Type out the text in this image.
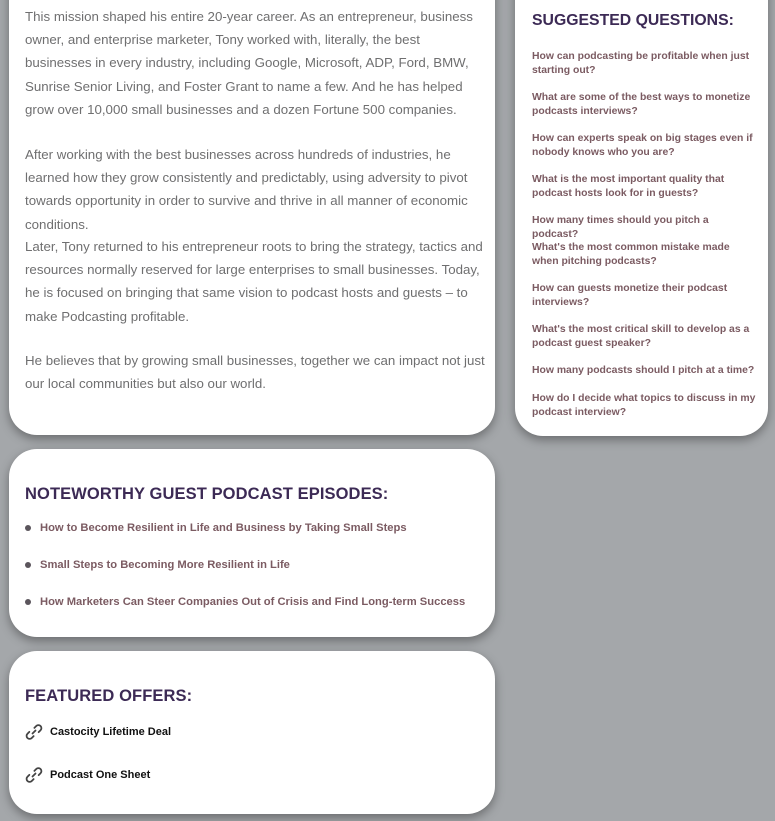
This mission shaped his entire 20-year career. As an entrepreneur, business owner, and enterprise marketer, Tony worked with, literally, the best businesses in every industry, including Google, Microsoft, ADP, Ford, BMW, Sunrise Senior Living, and Foster Grant to name a few. And he has helped grow over 10,000 small businesses and a dozen Fortune 500 companies.

After working with the best businesses across hundreds of industries, he learned how they grow consistently and predictably, using adversity to pivot towards opportunity in order to survive and thrive in all manner of economic conditions.

Later, Tony returned to his entrepreneur roots to bring the strategy, tactics and resources normally reserved for large enterprises to small businesses. Today, he is focused on bringing that same vision to podcast hosts and guests – to make Podcasting profitable.

He believes that by growing small businesses, together we can impact not just our local communities but also our world.

NOTEWORTHY GUEST PODCAST EPISODES:
How to Become Resilient in Life and Business by Taking Small Steps
Small Steps to Becoming More Resilient in Life
How Marketers Can Steer Companies Out of Crisis and Find Long-term Success
FEATURED OFFERS:
Castocity Lifetime Deal
Podcast One Sheet
SUGGESTED QUESTIONS:
How can podcasting be profitable when just starting out?
What are some of the best ways to monetize podcasts interviews?
How can experts speak on big stages even if nobody knows who you are?
What is the most important quality that podcast hosts look for in guests?
How many times should you pitch a podcast?
What's the most common mistake made when pitching podcasts?
How can guests monetize their podcast interviews?
What's the most critical skill to develop as a podcast guest speaker?
How many podcasts should I pitch at a time?
How do I decide what topics to discuss in my podcast interview?
